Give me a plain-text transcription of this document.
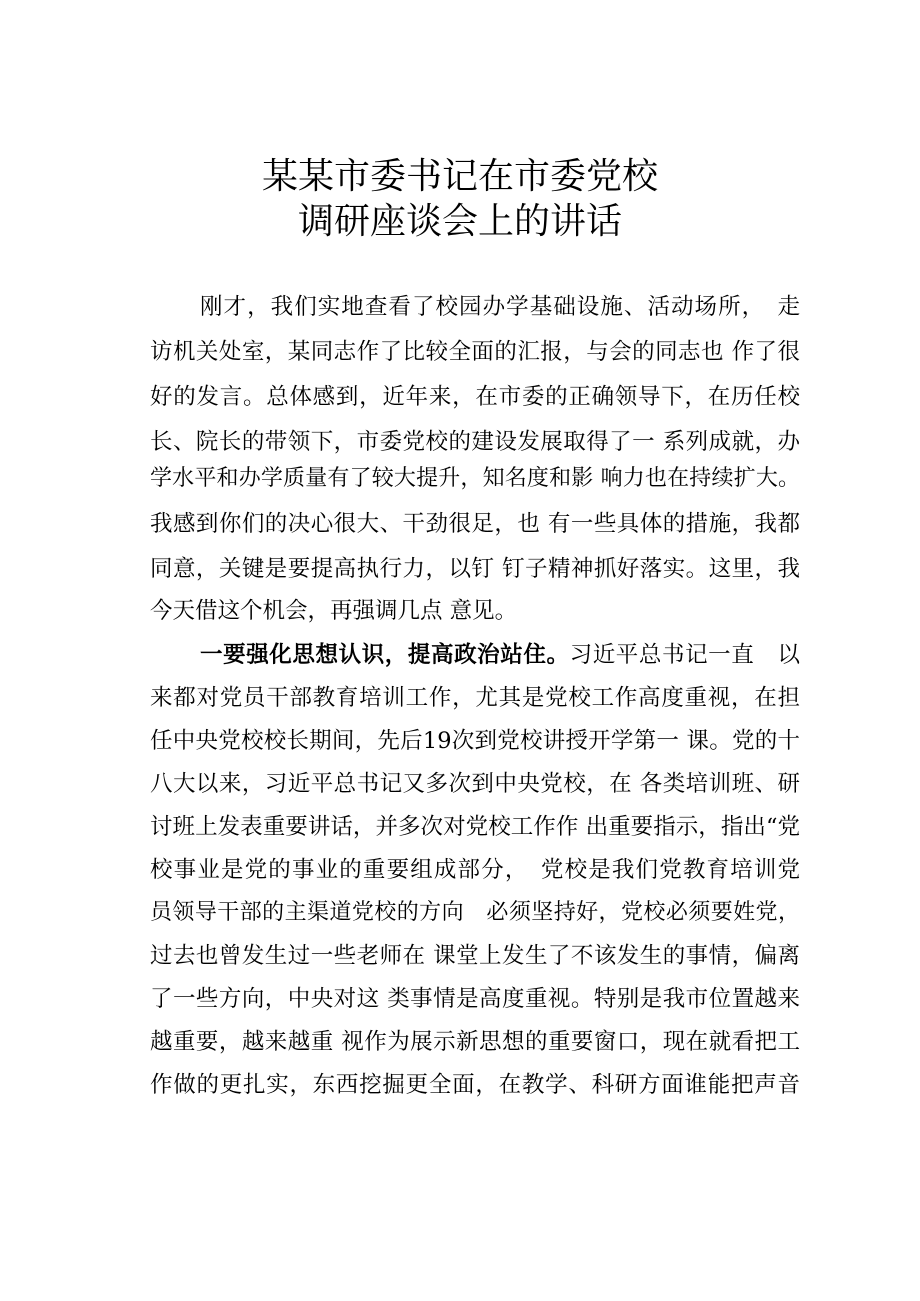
某某市委书记在市委党校
调研座谈会上的讲话
刚才，我们实地查看了校园办学基础设施、活动场所，　走
访机关处室，某同志作了比较全面的汇报，与会的同志也 作了很
好的发言。总体感到，近年来，在市委的正确领导下，在历任校
长、院长的带领下，市委党校的建设发展取得了一 系列成就，办
学水平和办学质量有了较大提升，知名度和影 响力也在持续扩大。
我感到你们的决心很大、干劲很足，也 有一些具体的措施，我都
同意，关键是要提高执行力，以钉 钉子精神抓好落实。这里，我
今天借这个机会，再强调几点 意见。
一要强化思想认识，提高政治站住。习近平总书记一直　以
来都对党员干部教育培训工作，尤其是党校工作高度重视，在担
任中央党校校长期间，先后19次到党校讲授开学第一 课。党的十
八大以来，习近平总书记又多次到中央党校，在 各类培训班、研
讨班上发表重要讲话，并多次对党校工作作 出重要指示，指出“党
校事业是党的事业的重要组成部分，　党校是我们党教育培训党
员领导干部的主渠道党校的方向　必须坚持好，党校必须要姓党，
过去也曾发生过一些老师在 课堂上发生了不该发生的事情，偏离
了一些方向，中央对这 类事情是高度重视。特别是我市位置越来
越重要，越来越重 视作为展示新思想的重要窗口，现在就看把工
作做的更扎实，东西挖掘更全面，在教学、科研方面谁能把声音
